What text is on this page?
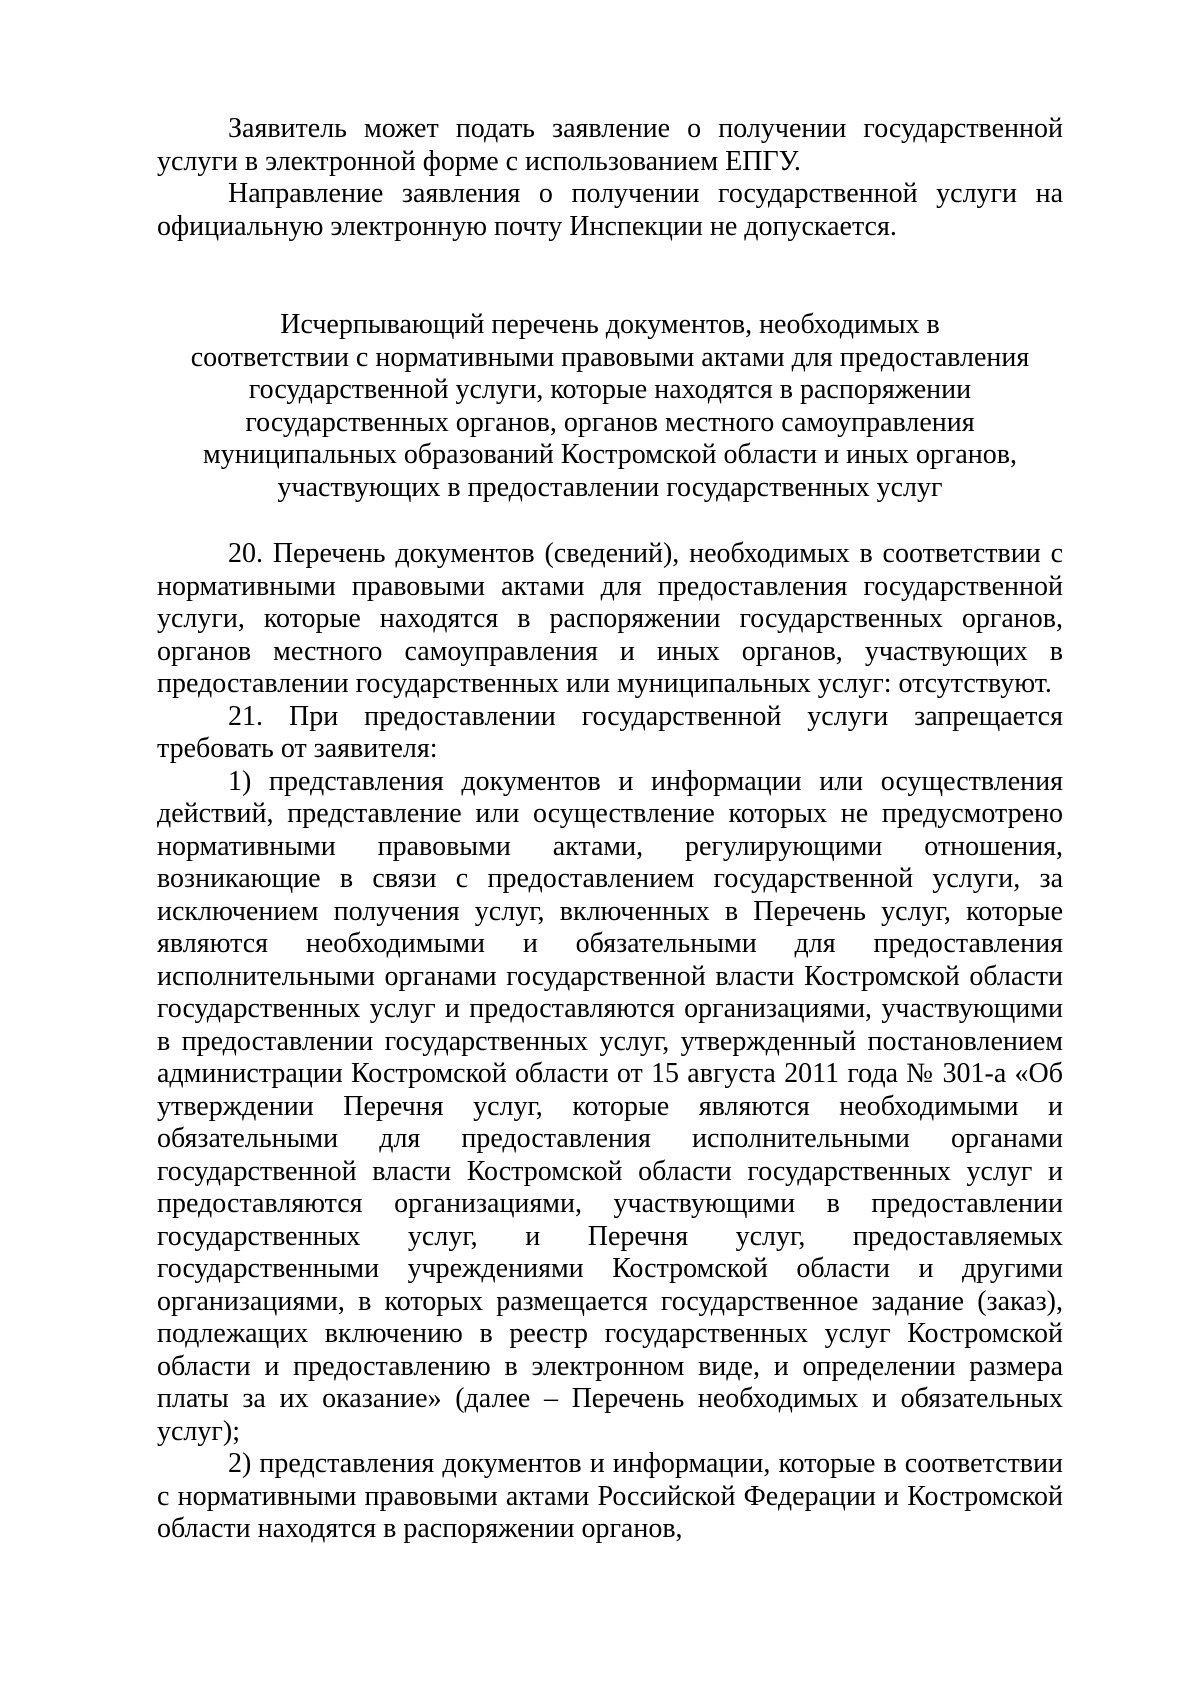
Заявитель может подать заявление о получении государственной услуги в электронной форме с использованием ЕПГУ.

Направление заявления о получении государственной услуги на официальную электронную почту Инспекции не допускается.

Исчерпывающий перечень документов, необходимых в
соответствии с нормативными правовыми актами для предоставления
государственной услуги, которые находятся в распоряжении
государственных органов, органов местного самоуправления
муниципальных образований Костромской области и иных органов,
участвующих в предоставлении государственных услуг

20. Перечень документов (сведений), необходимых в соответствии с нормативными правовыми актами для предоставления государственной услуги, которые находятся в распоряжении государственных органов, органов местного самоуправления и иных органов, участвующих в предоставлении государственных или муниципальных услуг: отсутствуют.

21. При предоставлении государственной услуги запрещается требовать от заявителя:

1) представления документов и информации или осуществления действий, представление или осуществление которых не предусмотрено нормативными правовыми актами, регулирующими отношения, возникающие в связи с предоставлением государственной услуги, за исключением получения услуг, включенных в Перечень услуг, которые являются необходимыми и обязательными для предоставления исполнительными органами государственной власти Костромской области государственных услуг и предоставляются организациями, участвующими в предоставлении государственных услуг, утвержденный постановлением администрации Костромской области от 15 августа 2011 года № 301-а «Об утверждении Перечня услуг, которые являются необходимыми и обязательными для предоставления исполнительными органами государственной власти Костромской области государственных услуг и предоставляются организациями, участвующими в предоставлении государственных услуг, и Перечня услуг, предоставляемых государственными учреждениями Костромской области и другими организациями, в которых размещается государственное задание (заказ), подлежащих включению в реестр государственных услуг Костромской области и предоставлению в электронном виде, и определении размера платы за их оказание» (далее – Перечень необходимых и обязательных услуг);

2) представления документов и информации, которые в соответствии с нормативными правовыми актами Российской Федерации и Костромской области находятся в распоряжении органов,
